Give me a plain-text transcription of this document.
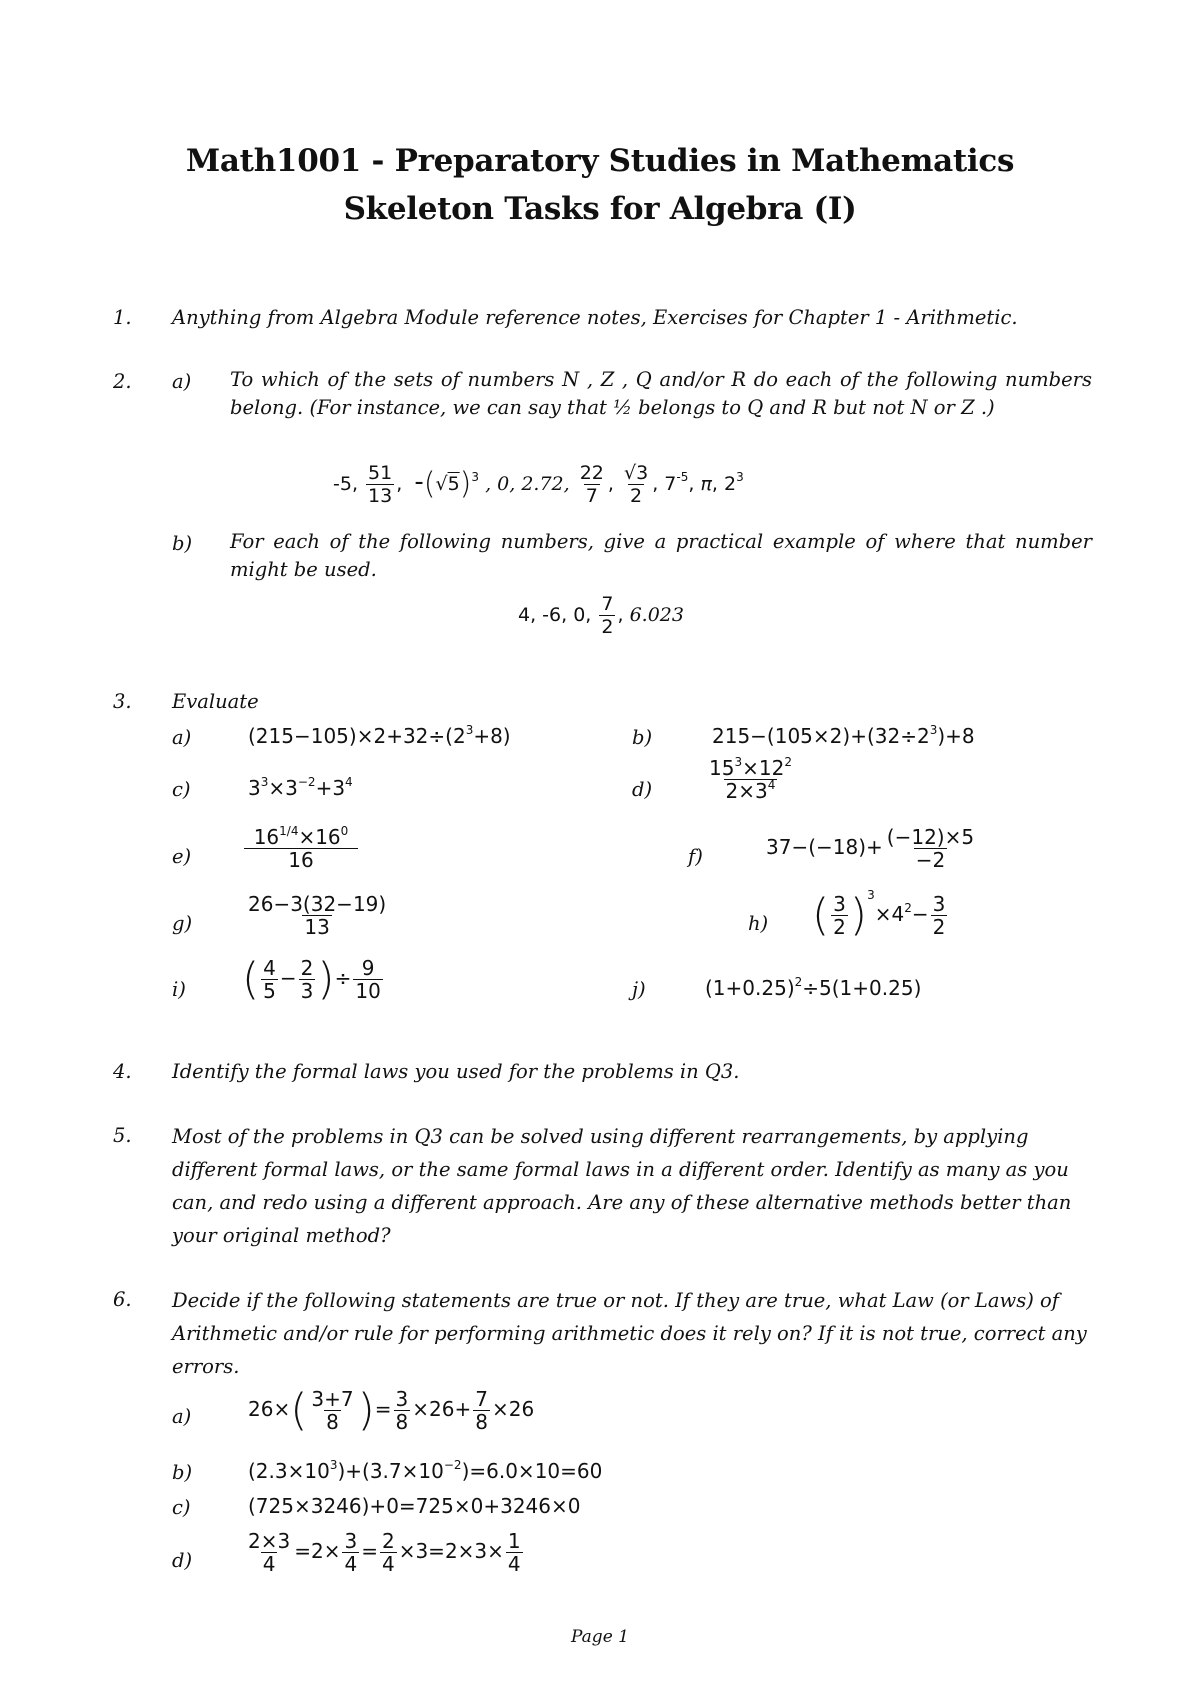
Math1001 - Preparatory Studies in Mathematics
Skeleton Tasks for Algebra (I)
1. Anything from Algebra Module reference notes, Exercises for Chapter 1 - Arithmetic.
2. a) To which of the sets of numbers N , Z , Q and/or R do each of the following numbers belong. (For instance, we can say that ½ belongs to Q and R but not N or Z .)
-5, $\frac{51}{13}$ , $-(√5)^3$ , 0, 2.72, $\frac{22}{7}$ , $\frac{√3}{2}$ , $7^{-5}$, π, $2^3$
b) For each of the following numbers, give a practical example of where that number might be used.
4, -6, 0, $\frac{7}{2}$ , 6.023
3. Evaluate
a)	$(215-105)\times 2+32\div(2^3+8)$	b)	$215-(105\times 2)+(32\div 2^3)+8$
c)	$3^3\times 3^{-2}+3^4$	d)	$\frac{15^3\times 12^2}{2\times 3^4}$
e)	$\frac{16^{1/4}\times 16^0}{16}$	f)	$37-(-18)+ \frac{(-12)\times 5}{-2}$
g)	$\frac{26-3(32-19)}{13}$	h) ( $\frac{3}{2} )^3\times 4^2- \frac{3}{2}$
i) ( $\frac{4}{5} - \frac{2}{3}$ )÷ $\frac{9}{10}$	j)	$(1+0.25)^2\div 5(1+0.25)$
4. Identify the formal laws you used for the problems in Q3.
5. Most of the problems in Q3 can be solved using different rearrangements, by applying different formal laws, or the same formal laws in a different order. Identify as many as you can, and redo using a different approach. Are any of these alternative methods better than your original method?
6. Decide if the following statements are true or not. If they are true, what Law (or Laws) of Arithmetic and/or rule for performing arithmetic does it rely on? If it is not true, correct any errors.
a)	$26\times( \frac{3+7}{8}$ )= $\frac{3}{8} \times 26+ \frac{7}{8} \times 26$
b)	$(2.3\times 10^3)+(3.7\times 10^{-2})=6.0\times 10=60$
c)	(725×3246)+0=725×0+3246×0
d)	$\frac{2\times 3}{4} =2\times \frac{3}{4} = \frac{2}{4} \times 3=2\times 3\times \frac{1}{4}$
Page 1
